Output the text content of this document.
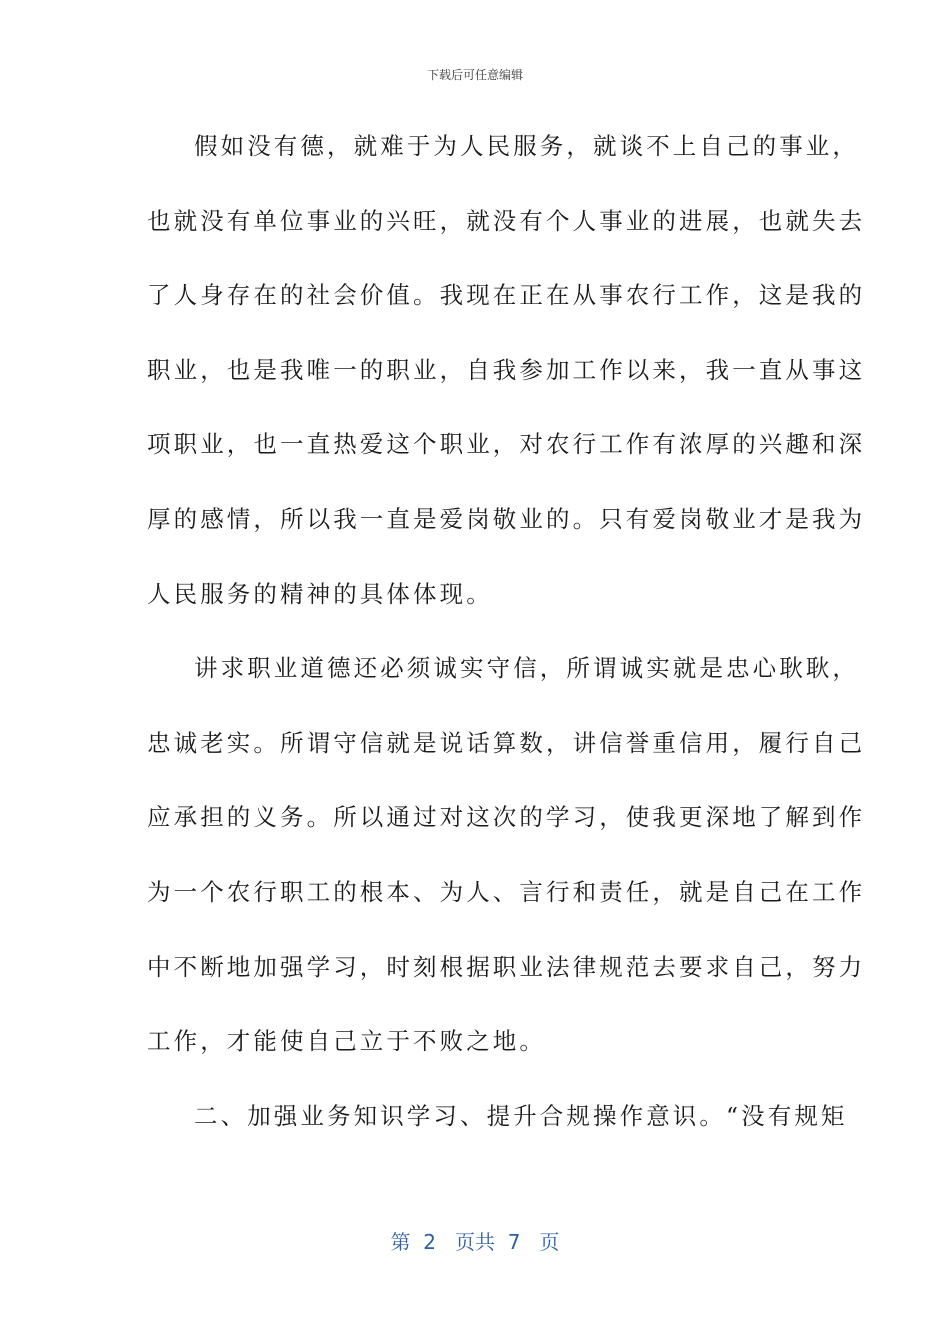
下载后可任意编辑
假如没有德，就难于为人民服务，就谈不上自己的事业，
也就没有单位事业的兴旺，就没有个人事业的进展，也就失去
了人身存在的社会价值。我现在正在从事农行工作，这是我的
职业，也是我唯一的职业，自我参加工作以来，我一直从事这
项职业，也一直热爱这个职业，对农行工作有浓厚的兴趣和深
厚的感情，所以我一直是爱岗敬业的。只有爱岗敬业才是我为
人民服务的精神的具体体现。
讲求职业道德还必须诚实守信，所谓诚实就是忠心耿耿，
忠诚老实。所谓守信就是说话算数，讲信誉重信用，履行自己
应承担的义务。所以通过对这次的学习，使我更深地了解到作
为一个农行职工的根本、为人、言行和责任，就是自己在工作
中不断地加强学习，时刻根据职业法律规范去要求自己，努力
工作，才能使自己立于不败之地。
二、加强业务知识学习、提升合规操作意识。“没有规矩
第  2   页共  7   页
